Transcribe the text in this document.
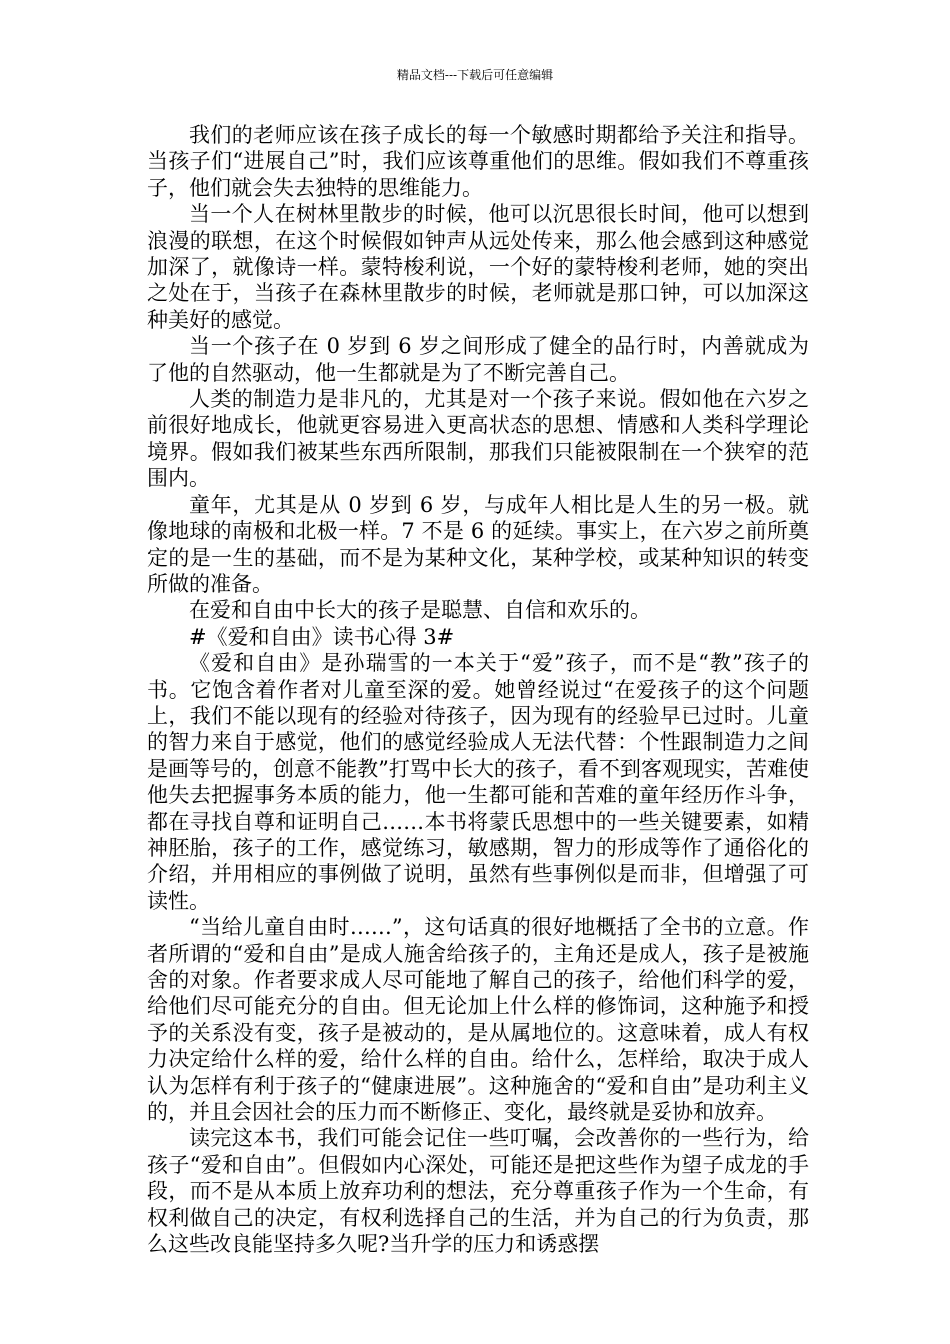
精品文档---下载后可任意编辑

我们的老师应该在孩子成长的每一个敏感时期都给予关注和指导。当孩子们“进展自己”时，我们应该尊重他们的思维。假如我们不尊重孩子，他们就会失去独特的思维能力。

当一个人在树林里散步的时候，他可以沉思很长时间，他可以想到浪漫的联想，在这个时候假如钟声从远处传来，那么他会感到这种感觉加深了，就像诗一样。蒙特梭利说，一个好的蒙特梭利老师，她的突出之处在于，当孩子在森林里散步的时候，老师就是那口钟，可以加深这种美好的感觉。

当一个孩子在 0 岁到 6 岁之间形成了健全的品行时，内善就成为了他的自然驱动，他一生都就是为了不断完善自己。

人类的制造力是非凡的，尤其是对一个孩子来说。假如他在六岁之前很好地成长，他就更容易进入更高状态的思想、情感和人类科学理论境界。假如我们被某些东西所限制，那我们只能被限制在一个狭窄的范围内。

童年，尤其是从 0 岁到 6 岁，与成年人相比是人生的另一极。就像地球的南极和北极一样。7 不是 6 的延续。事实上，在六岁之前所奠定的是一生的基础，而不是为某种文化，某种学校，或某种知识的转变所做的准备。

在爱和自由中长大的孩子是聪慧、自信和欢乐的。

#《爱和自由》读书心得 3#

《爱和自由》是孙瑞雪的一本关于“爱”孩子，而不是“教”孩子的书。它饱含着作者对儿童至深的爱。她曾经说过“在爱孩子的这个问题上，我们不能以现有的经验对待孩子，因为现有的经验早已过时。儿童的智力来自于感觉，他们的感觉经验成人无法代替：个性跟制造力之间是画等号的，创意不能教”打骂中长大的孩子，看不到客观现实，苦难使他失去把握事务本质的能力，他一生都可能和苦难的童年经历作斗争，都在寻找自尊和证明自己……本书将蒙氏思想中的一些关键要素，如精神胚胎，孩子的工作，感觉练习，敏感期，智力的形成等作了通俗化的介绍，并用相应的事例做了说明，虽然有些事例似是而非，但增强了可读性。

“当给儿童自由时……”，这句话真的很好地概括了全书的立意。作者所谓的“爱和自由”是成人施舍给孩子的，主角还是成人，孩子是被施舍的对象。作者要求成人尽可能地了解自己的孩子，给他们科学的爱，给他们尽可能充分的自由。但无论加上什么样的修饰词，这种施予和授予的关系没有变，孩子是被动的，是从属地位的。这意味着，成人有权力决定给什么样的爱，给什么样的自由。给什么，怎样给，取决于成人认为怎样有利于孩子的“健康进展”。这种施舍的“爱和自由”是功利主义的，并且会因社会的压力而不断修正、变化，最终就是妥协和放弃。

读完这本书，我们可能会记住一些叮嘱，会改善你的一些行为，给孩子“爱和自由”。但假如内心深处，可能还是把这些作为望子成龙的手段，而不是从本质上放弃功利的想法，充分尊重孩子作为一个生命，有权利做自己的决定，有权利选择自己的生活，并为自己的行为负责，那么这些改良能坚持多久呢?当升学的压力和诱惑摆
